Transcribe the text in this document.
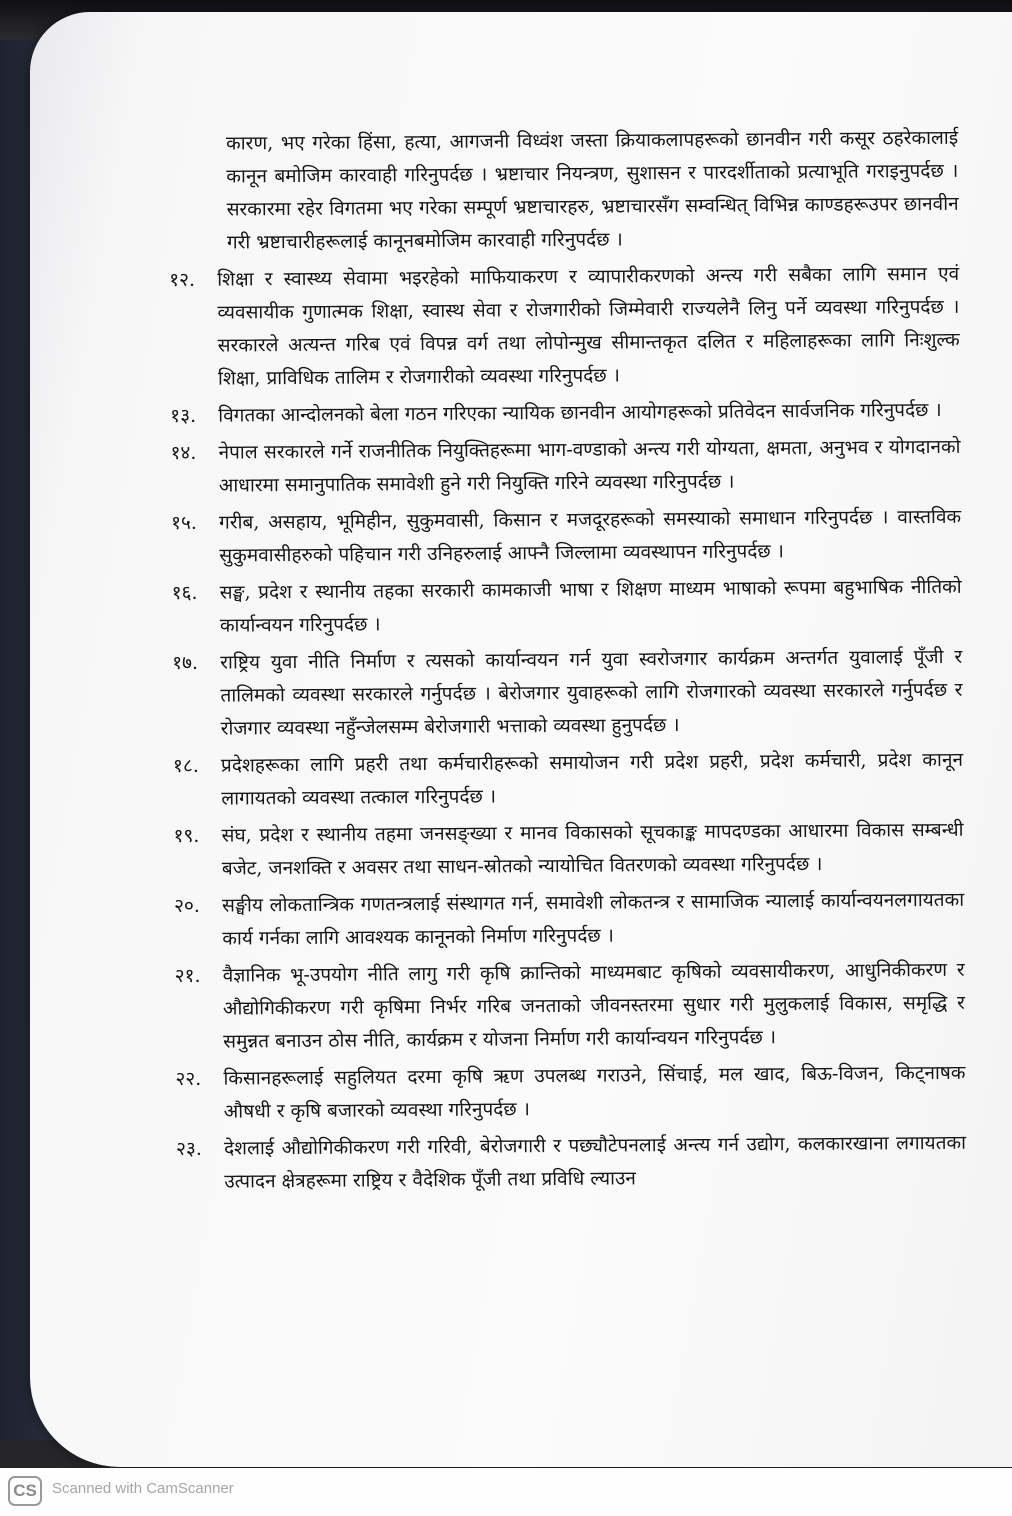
कारण, भए गरेका हिंसा, हत्या, आगजनी विध्वंश जस्ता क्रियाकलापहरूको छानवीन गरी कसूर ठहरेकालाई कानून बमोजिम कारवाही गरिनुपर्दछ । भ्रष्टाचार नियन्त्रण, सुशासन र पारदर्शीताको प्रत्याभूति गराइनुपर्दछ । सरकारमा रहेर विगतमा भए गरेका सम्पूर्ण भ्रष्टाचारहरु, भ्रष्टाचारसँग सम्वन्धित् विभिन्न काण्डहरूउपर छानवीन गरी भ्रष्टाचारीहरूलाई कानूनबमोजिम कारवाही गरिनुपर्दछ ।
१२.	शिक्षा र स्वास्थ्य सेवामा भइरहेको माफियाकरण र व्यापारीकरणको अन्त्य गरी सबैका लागि समान एवं व्यवसायीक गुणात्मक शिक्षा, स्वास्थ सेवा र रोजगारीको जिम्मेवारी राज्यलेनै लिनु पर्ने व्यवस्था गरिनुपर्दछ । सरकारले अत्यन्त गरिब एवं विपन्न वर्ग तथा लोपोन्मुख सीमान्तकृत दलित र महिलाहरूका लागि निःशुल्क शिक्षा, प्राविधिक तालिम र रोजगारीको व्यवस्था गरिनुपर्दछ ।
१३.	विगतका आन्दोलनको बेला गठन गरिएका न्यायिक छानवीन आयोगहरूको प्रतिवेदन सार्वजनिक गरिनुपर्दछ ।
१४.	नेपाल सरकारले गर्ने राजनीतिक नियुक्तिहरूमा भाग-वण्डाको अन्त्य गरी योग्यता, क्षमता, अनुभव र योगदानको आधारमा समानुपातिक समावेशी हुने गरी नियुक्ति गरिने व्यवस्था गरिनुपर्दछ ।
१५.	गरीब, असहाय, भूमिहीन, सुकुमवासी, किसान र मजदूरहरूको समस्याको समाधान गरिनुपर्दछ । वास्तविक सुकुमवासीहरुको पहिचान गरी उनिहरुलाई आफ्नै जिल्लामा व्यवस्थापन गरिनुपर्दछ ।
१६.	सङ्घ, प्रदेश र स्थानीय तहका सरकारी कामकाजी भाषा र शिक्षण माध्यम भाषाको रूपमा बहुभाषिक नीतिको कार्यान्वयन गरिनुपर्दछ ।
१७.	राष्ट्रिय युवा नीति निर्माण र त्यसको कार्यान्वयन गर्न युवा स्वरोजगार कार्यक्रम अन्तर्गत युवालाई पूँजी र तालिमको व्यवस्था सरकारले गर्नुपर्दछ । बेरोजगार युवाहरूको लागि रोजगारको व्यवस्था सरकारले गर्नुपर्दछ र रोजगार व्यवस्था नहुँन्जेलसम्म बेरोजगारी भत्ताको व्यवस्था हुनुपर्दछ ।
१८.	प्रदेशहरूका लागि प्रहरी तथा कर्मचारीहरूको समायोजन गरी प्रदेश प्रहरी, प्रदेश कर्मचारी, प्रदेश कानून लागायतको व्यवस्था तत्काल गरिनुपर्दछ ।
१९.	संघ, प्रदेश र स्थानीय तहमा जनसङ्ख्या र मानव विकासको सूचकाङ्क मापदण्डका आधारमा विकास सम्बन्धी बजेट, जनशक्ति र अवसर तथा साधन-स्रोतको न्यायोचित वितरणको व्यवस्था गरिनुपर्दछ ।
२०.	सङ्घीय लोकतान्त्रिक गणतन्त्रलाई संस्थागत गर्न, समावेशी लोकतन्त्र र सामाजिक न्यालाई कार्यान्वयनलगायतका कार्य गर्नका लागि आवश्यक कानूनको निर्माण गरिनुपर्दछ ।
२१.	वैज्ञानिक भू-उपयोग नीति लागु गरी कृषि क्रान्तिको माध्यमबाट कृषिको व्यवसायीकरण, आधुनिकीकरण र औद्योगिकीकरण गरी कृषिमा निर्भर गरिब जनताको जीवनस्तरमा सुधार गरी मुलुकलाई विकास, समृद्धि र समुन्नत बनाउन ठोस नीति, कार्यक्रम र योजना निर्माण गरी कार्यान्वयन गरिनुपर्दछ ।
२२.	किसानहरूलाई सहुलियत दरमा कृषि ऋण उपलब्ध गराउने, सिंचाई, मल खाद, बिऊ-विजन, किट्नाषक औषधी र कृषि बजारको व्यवस्था गरिनुपर्दछ ।
२३.	देशलाई औद्योगिकीकरण गरी गरिवी, बेरोजगारी र पछ्यौटेपनलाई अन्त्य गर्न उद्योग, कलकारखाना लगायतका उत्पादन क्षेत्रहरूमा राष्ट्रिय र वैदेशिक पूँजी तथा प्रविधि ल्याउन
CS	Scanned with CamScanner
